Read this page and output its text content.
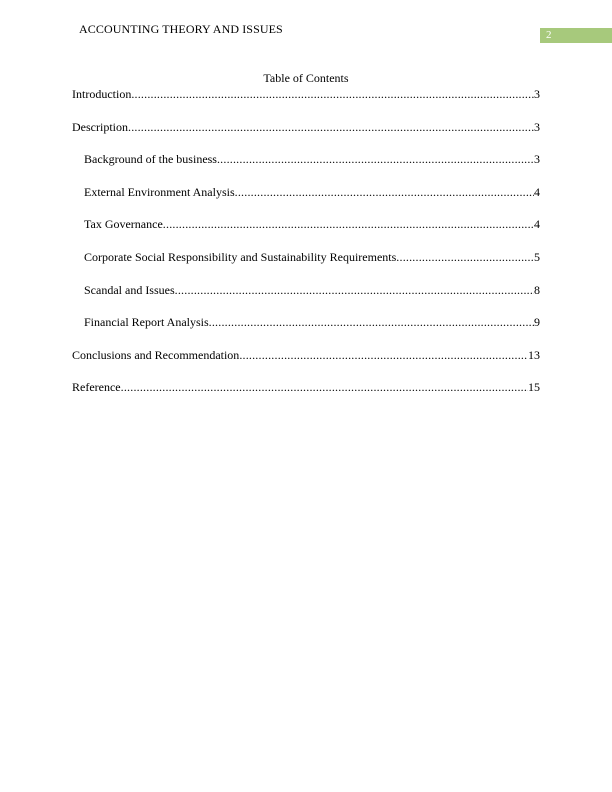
ACCOUNTING THEORY AND ISSUES	2
Table of Contents
Introduction .....	3
Description .....	3
Background of the business .....	3
External Environment Analysis .....	4
Tax Governance .....	4
Corporate Social Responsibility and Sustainability Requirements .....	5
Scandal and Issues .....	8
Financial Report Analysis .....	9
Conclusions and Recommendation .....	13
Reference .....	15
